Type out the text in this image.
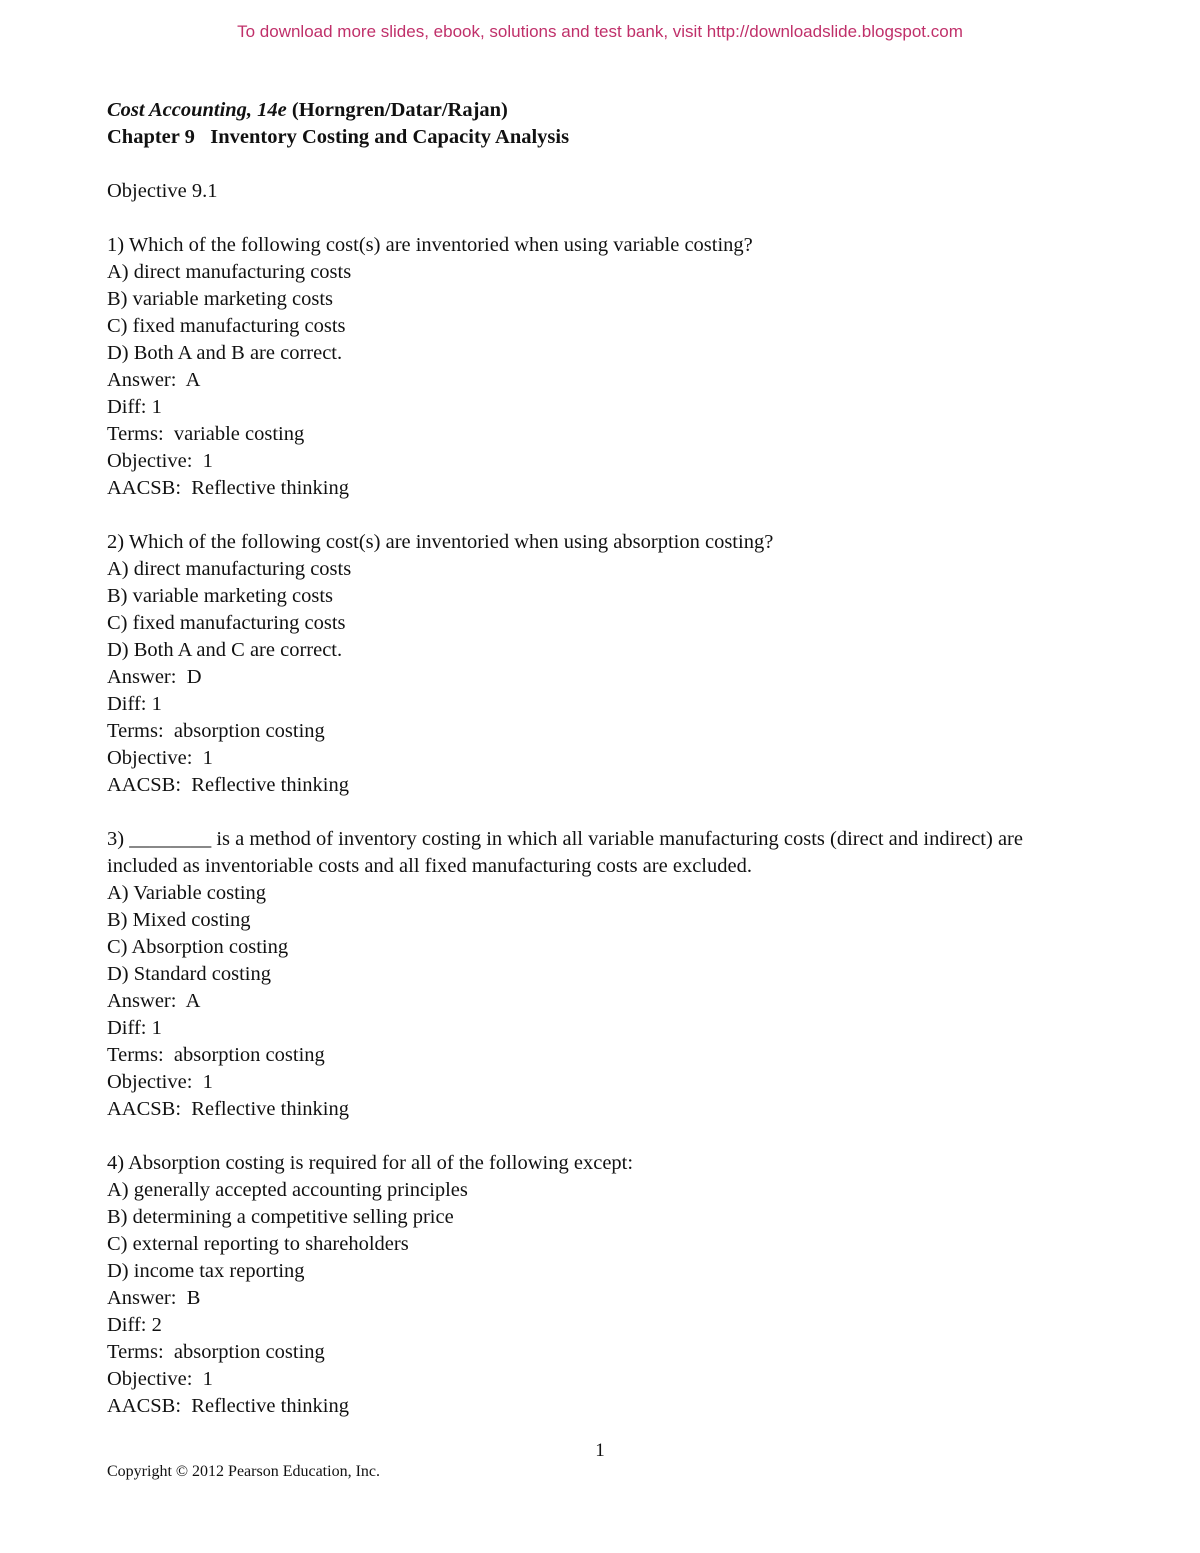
To download more slides, ebook, solutions and test bank, visit http://downloadslide.blogspot.com
Cost Accounting, 14e (Horngren/Datar/Rajan)
Chapter 9   Inventory Costing and Capacity Analysis
Objective 9.1
1) Which of the following cost(s) are inventoried when using variable costing?
A) direct manufacturing costs
B) variable marketing costs
C) fixed manufacturing costs
D) Both A and B are correct.
Answer:  A
Diff: 1
Terms:  variable costing
Objective:  1
AACSB:  Reflective thinking
2) Which of the following cost(s) are inventoried when using absorption costing?
A) direct manufacturing costs
B) variable marketing costs
C) fixed manufacturing costs
D) Both A and C are correct.
Answer:  D
Diff: 1
Terms:  absorption costing
Objective:  1
AACSB:  Reflective thinking
3) ________ is a method of inventory costing in which all variable manufacturing costs (direct and indirect) are included as inventoriable costs and all fixed manufacturing costs are excluded.
A) Variable costing
B) Mixed costing
C) Absorption costing
D) Standard costing
Answer:  A
Diff: 1
Terms:  absorption costing
Objective:  1
AACSB:  Reflective thinking
4) Absorption costing is required for all of the following except:
A) generally accepted accounting principles
B) determining a competitive selling price
C) external reporting to shareholders
D) income tax reporting
Answer:  B
Diff: 2
Terms:  absorption costing
Objective:  1
AACSB:  Reflective thinking
1
Copyright © 2012 Pearson Education, Inc.
